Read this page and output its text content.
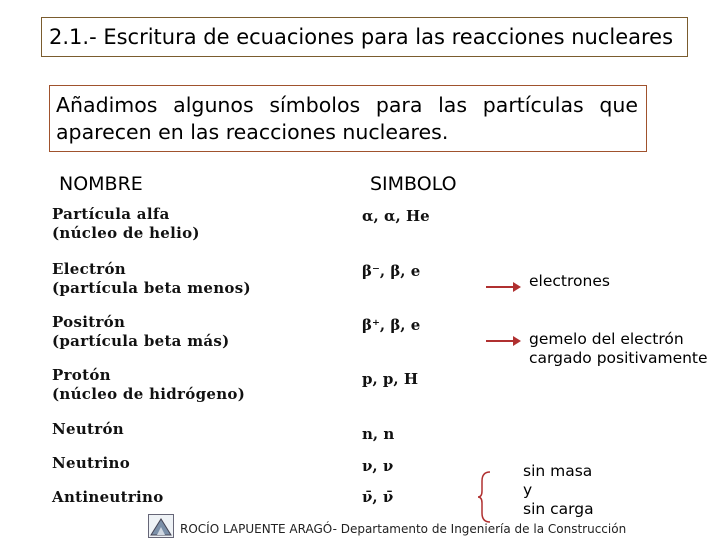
2.1.- Escritura de ecuaciones para las reacciones nucleares
Añadimos algunos símbolos para las partículas que aparecen en las reacciones nucleares.
NOMBRE	SIMBOLO
Partícula alfa
(núcleo de helio)
Electrón
(partícula beta menos)
Positrón
(partícula beta más)
Protón
(núcleo de hidrógeno)
Neutrón
Neutrino
Antineutrino
α, α, He
β⁻, β, e
β⁺, β, e
p, p, H
n, n
ν, ν
ν̄, ν̄
electrones
gemelo del electrón
cargado positivamente
sin masa
y
sin carga
ROCÍO LAPUENTE ARAGÓ- Departamento de Ingeniería de la Construcción
